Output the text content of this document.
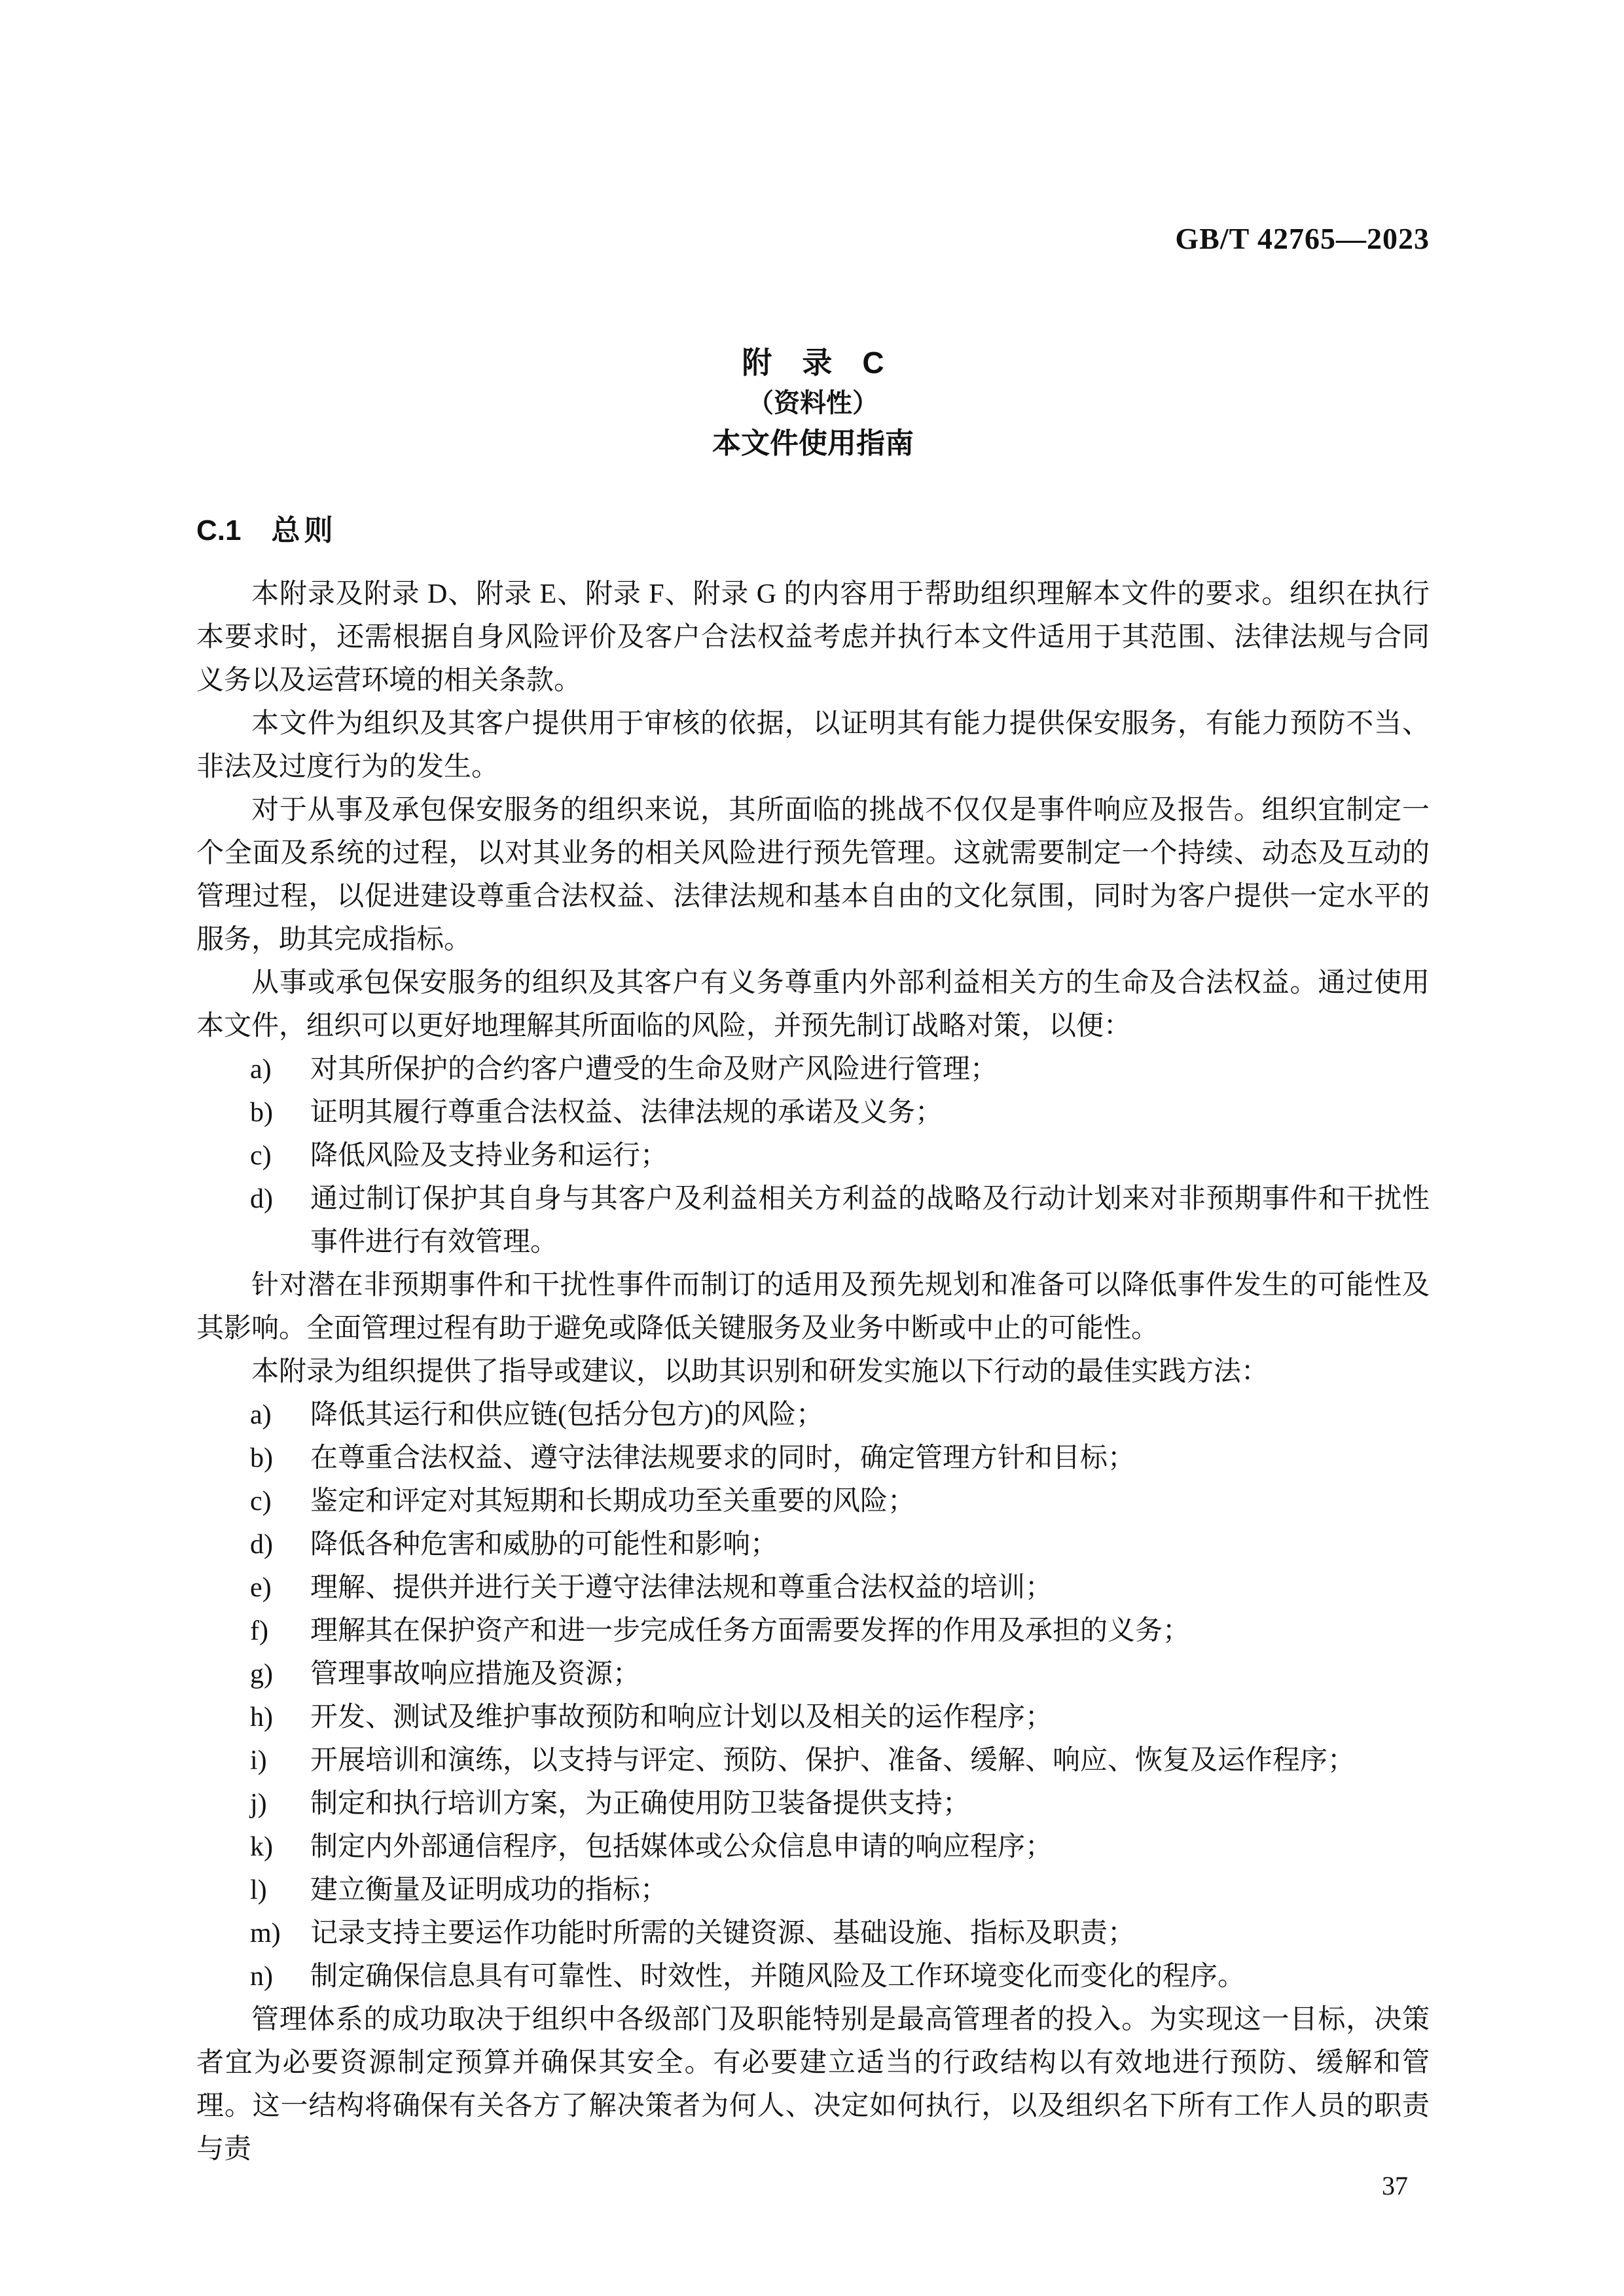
GB/T 42765—2023
附　录　C
（资料性）
本文件使用指南
C.1 总则

本附录及附录 D、附录 E、附录 F、附录 G 的内容用于帮助组织理解本文件的要求。组织在执行本要求时，还需根据自身风险评价及客户合法权益考虑并执行本文件适用于其范围、法律法规与合同义务以及运营环境的相关条款。

本文件为组织及其客户提供用于审核的依据，以证明其有能力提供保安服务，有能力预防不当、非法及过度行为的发生。

对于从事及承包保安服务的组织来说，其所面临的挑战不仅仅是事件响应及报告。组织宜制定一个全面及系统的过程，以对其业务的相关风险进行预先管理。这就需要制定一个持续、动态及互动的管理过程，以促进建设尊重合法权益、法律法规和基本自由的文化氛围，同时为客户提供一定水平的服务，助其完成指标。

从事或承包保安服务的组织及其客户有义务尊重内外部利益相关方的生命及合法权益。通过使用本文件，组织可以更好地理解其所面临的风险，并预先制订战略对策，以便：

a)	对其所保护的合约客户遭受的生命及财产风险进行管理；
b)	证明其履行尊重合法权益、法律法规的承诺及义务；
c)	降低风险及支持业务和运行；
d)	通过制订保护其自身与其客户及利益相关方利益的战略及行动计划来对非预期事件和干扰性事件进行有效管理。

针对潜在非预期事件和干扰性事件而制订的适用及预先规划和准备可以降低事件发生的可能性及其影响。全面管理过程有助于避免或降低关键服务及业务中断或中止的可能性。

本附录为组织提供了指导或建议，以助其识别和研发实施以下行动的最佳实践方法：

a)	降低其运行和供应链(包括分包方)的风险；
b)	在尊重合法权益、遵守法律法规要求的同时，确定管理方针和目标；
c)	鉴定和评定对其短期和长期成功至关重要的风险；
d)	降低各种危害和威胁的可能性和影响；
e)	理解、提供并进行关于遵守法律法规和尊重合法权益的培训；
f)	理解其在保护资产和进一步完成任务方面需要发挥的作用及承担的义务；
g)	管理事故响应措施及资源；
h)	开发、测试及维护事故预防和响应计划以及相关的运作程序；
i)	开展培训和演练，以支持与评定、预防、保护、准备、缓解、响应、恢复及运作程序；
j)	制定和执行培训方案，为正确使用防卫装备提供支持；
k)	制定内外部通信程序，包括媒体或公众信息申请的响应程序；
l)	建立衡量及证明成功的指标；
m)	记录支持主要运作功能时所需的关键资源、基础设施、指标及职责；
n)	制定确保信息具有可靠性、时效性，并随风险及工作环境变化而变化的程序。

管理体系的成功取决于组织中各级部门及职能特别是最高管理者的投入。为实现这一目标，决策者宜为必要资源制定预算并确保其安全。有必要建立适当的行政结构以有效地进行预防、缓解和管理。这一结构将确保有关各方了解决策者为何人、决定如何执行，以及组织名下所有工作人员的职责与责

37
